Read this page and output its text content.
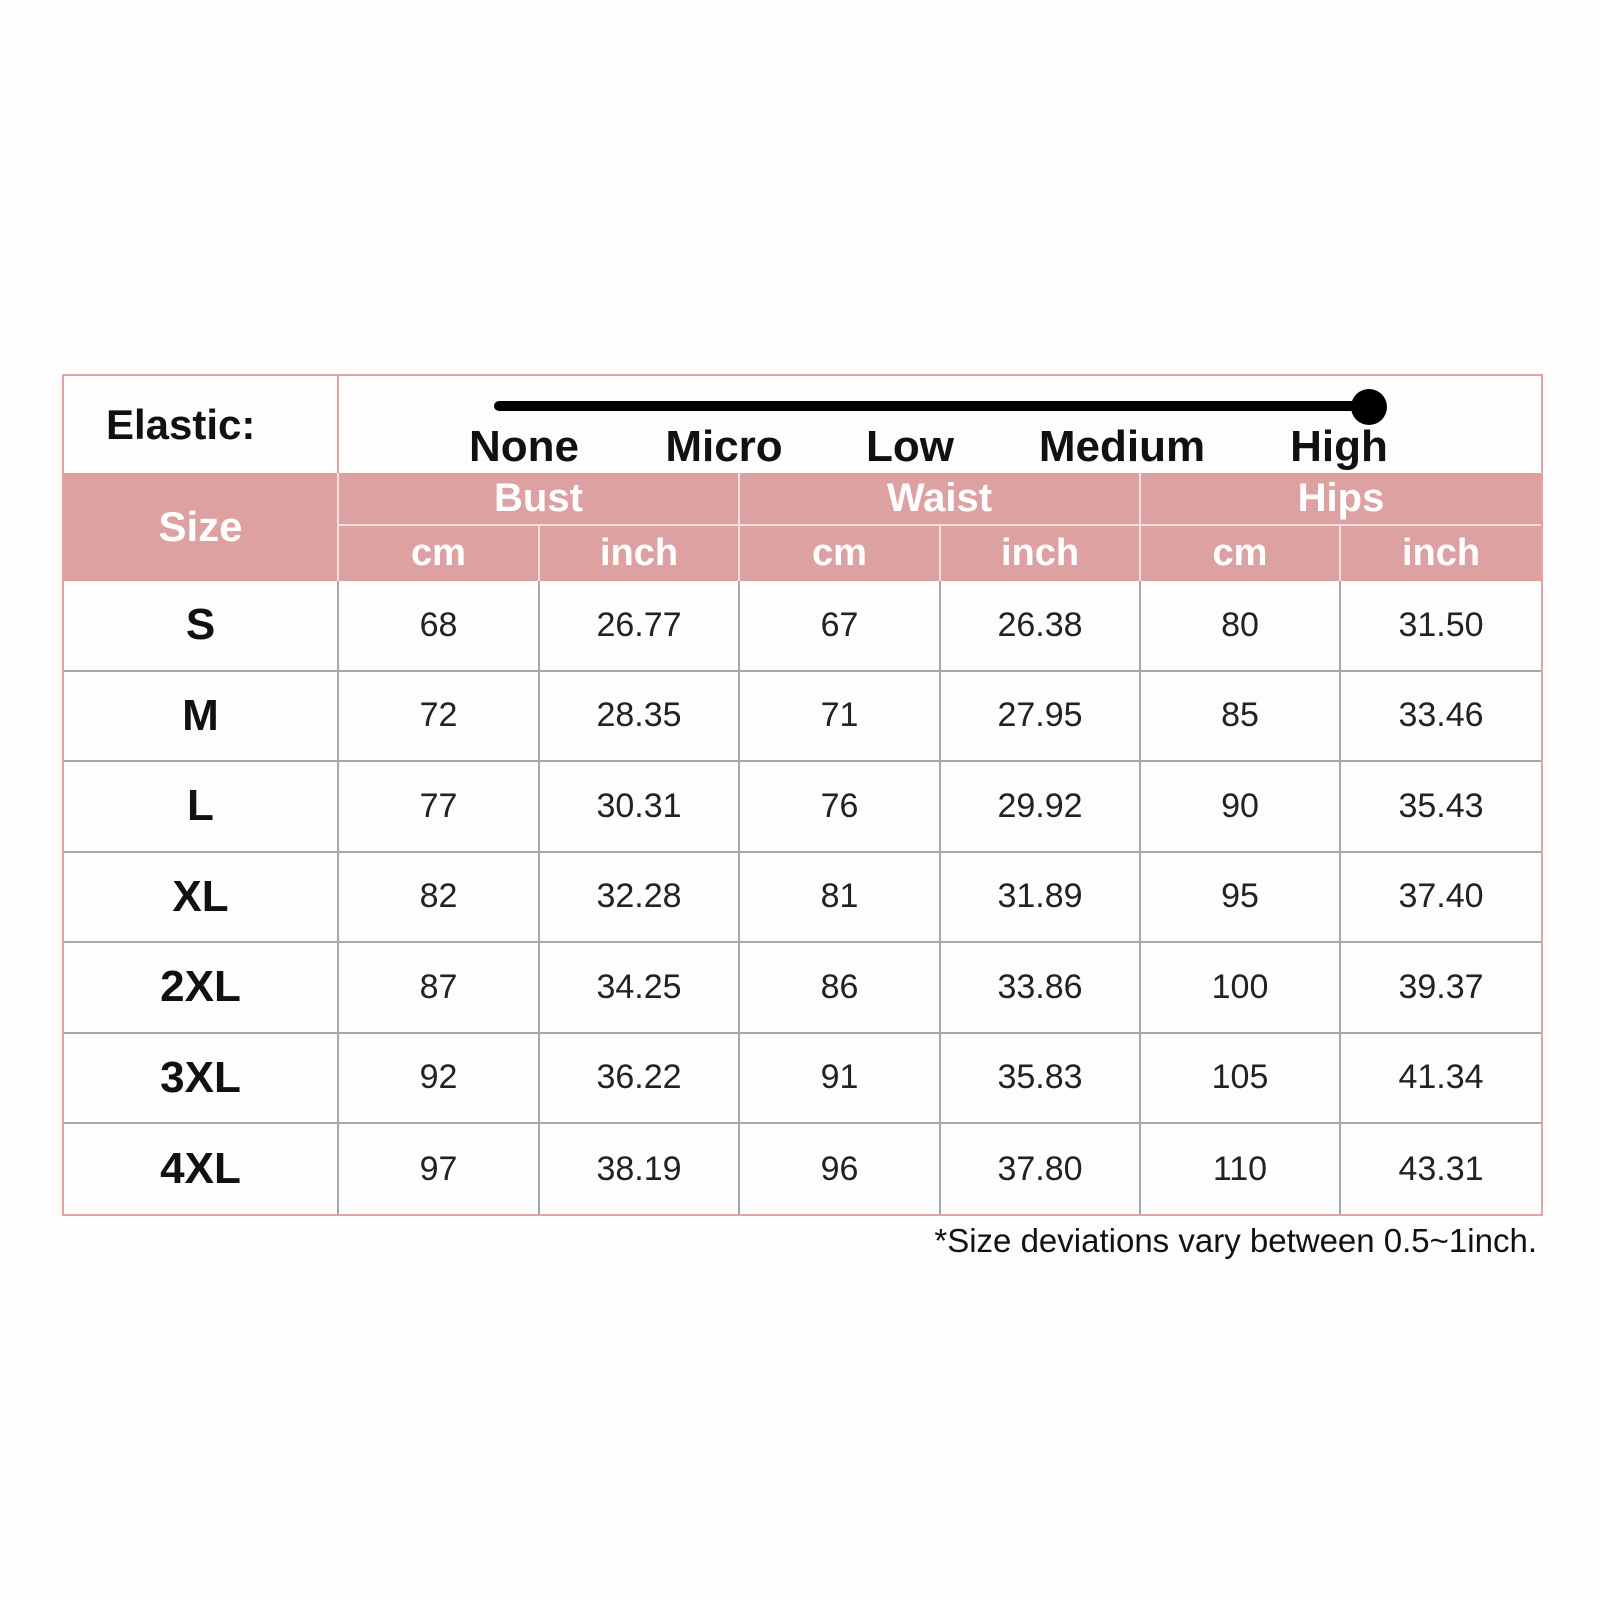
Elastic:	None Micro Low Medium High
Size
Bust	Waist	Hips
cm	inch	cm	inch	cm	inch
S	68	26.77	67	26.38	80	31.50
M	72	28.35	71	27.95	85	33.46
L	77	30.31	76	29.92	90	35.43
XL	82	32.28	81	31.89	95	37.40
2XL	87	34.25	86	33.86	100	39.37
3XL	92	36.22	91	35.83	105	41.34
4XL	97	38.19	96	37.80	110	43.31
*Size deviations vary between 0.5~1inch.
